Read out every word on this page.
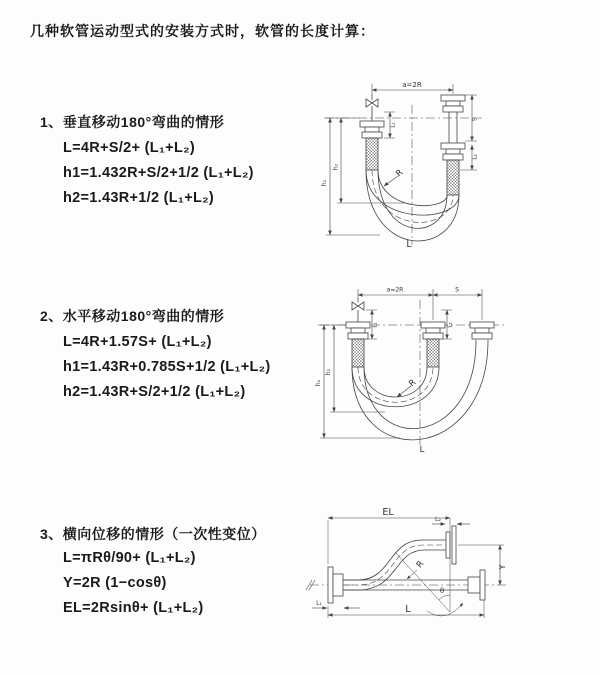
几种软管运动型式的安装方式时，软管的长度计算：
1、垂直移动180°弯曲的情形
L=4R+S/2+ (L₁+L₂)
h1=1.432R+S/2+1/2 (L₁+L₂)
h2=1.43R+1/2 (L₁+L₂)
a=2R
R
L
h₁
h₂
L₁
S
L₂
2、水平移动180°弯曲的情形
L=4R+1.57S+ (L₁+L₂)
h1=1.43R+0.785S+1/2 (L₁+L₂)
h2=1.43R+S/2+1/2 (L₁+L₂)
a=2R	S
R
L
h₁
h₂
L₁	L₂
3、横向位移的情形（一次性变位）
L=πRθ/90+ (L₁+L₂)
Y=2R (1−cosθ)
EL=2Rsinθ+ (L₁+L₂)
EL
L₂
Y
R
θ
L
L₁
